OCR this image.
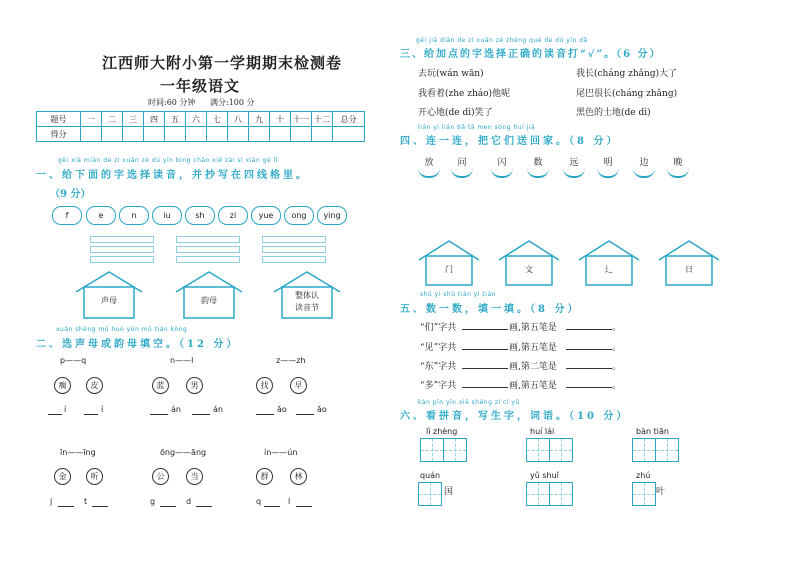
江西师大附小第一学期期末检测卷
一年级语文
时间:60 分钟 满分:100 分
题号	一	二	三	四	五	六	七	八	九	十	十一	十二	总分
得分													
gěi xià miàn de zì xuǎn zé dú yīn bìng chāo xiě zài sì xiàn gé lǐ
一、给下面的字选择读音，并抄写在四线格里。
（9 分）
f	e	n	iu	sh	zi	yue	ong	ying
声母	韵母
整体认
读音节
xuǎn shēng mǔ huò yùn mǔ tián kòng
二、选声母或韵母填空。（12 分）
p——q
瘸	皮
í	í
n——l
蓝	男
án	án
z——zh
找	早
ǎo	ǎo
īn——īng
金	听
j	t
ōng——āng
公	当
g	d
ín——ún
群	林
q	l
gěi jiā diǎn de zì xuǎn zé zhèng què de dú yīn dǎ
三、给加点的字选择正确的读音打“√”。（6 分）
去玩(wán wān)	我长(cháng zhǎng)大了
我看着(zhe zháo)他呢	尾巴很长(cháng zhǎng)
开心地(de dì)笑了	黑色的土地(de dì)
lián yi lián bǎ tā men sòng huí jiā
四、连一连，把它们送回家。（8 分）
放	问	闪	数	远	明	边	晚
门	文	辶	日
shǔ yi shǔ tián yi tián
五、数一数，填一填。（8 分）
“们”字共	画,第五笔是	。
“见”字共	画,第五笔是	。
“东”字共	画,第二笔是	。
“多”字共	画,第五笔是	。
kàn pīn yīn xiě shēng zì cí yǔ
六、看拼音，写生字，词语。（10 分）
lì zhèng	huí lái	bàn tiān
quán
国
yǔ shuǐ	zhú
叶
